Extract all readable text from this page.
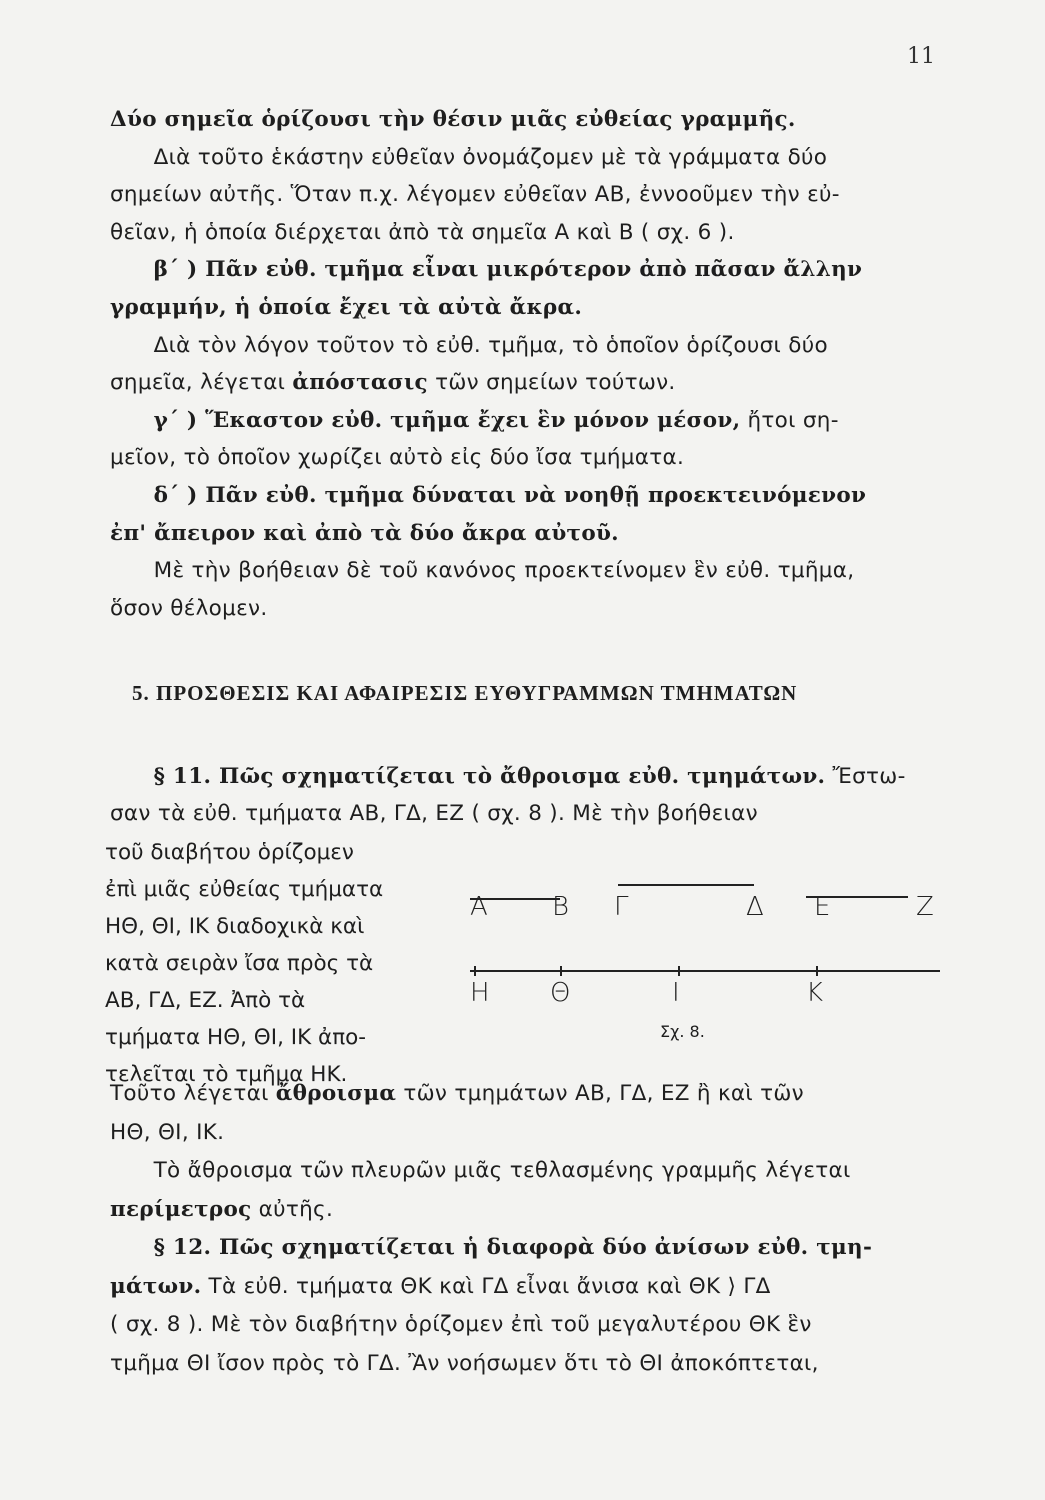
11
Δύο σημεῖα ὁρίζουσι τὴν θέσιν μιᾶς εὐθείας γραμμῆς.
  Διὰ τοῦτο ἑκάστην εὐθεῖαν ὀνομάζομεν μὲ τὰ γράμματα δύο
σημείων αὐτῆς. Ὅταν π.χ. λέγομεν εὐθεῖαν ΑΒ, ἐννοοῦμεν τὴν εὐ-
θεῖαν, ἡ ὁποία διέρχεται ἀπὸ τὰ σημεῖα Α καὶ Β ( σχ. 6 ).
  β΄ ) Πᾶν εὐθ. τμῆμα εἶναι μικρότερον ἀπὸ πᾶσαν ἄλλην
γραμμήν, ἡ ὁποία ἔχει τὰ αὐτὰ ἄκρα.
  Διὰ τὸν λόγον τοῦτον τὸ εὐθ. τμῆμα, τὸ ὁποῖον ὁρίζουσι δύο
σημεῖα, λέγεται ἀπόστασις τῶν σημείων τούτων.
  γ΄ ) Ἕκαστον εὐθ. τμῆμα ἔχει ἓν μόνον μέσον, ἤτοι ση-
μεῖον, τὸ ὁποῖον χωρίζει αὐτὸ εἰς δύο ἴσα τμήματα.
  δ΄ ) Πᾶν εὐθ. τμῆμα δύναται νὰ νοηθῇ προεκτεινόμενον
ἐπ' ἄπειρον καὶ ἀπὸ τὰ δύο ἄκρα αὐτοῦ.
  Μὲ τὴν βοήθειαν δὲ τοῦ κανόνος προεκτείνομεν ἓν εὐθ. τμῆμα,
ὅσον θέλομεν.
5. ΠΡΟΣΘΕΣΙΣ ΚΑΙ ΑΦΑΙΡΕΣΙΣ ΕΥΘΥΓΡΑΜΜΩΝ ΤΜΗΜΑΤΩΝ
  § 11. Πῶς σχηματίζεται τὸ ἄθροισμα εὐθ. τμημάτων. Ἔστω-
σαν τὰ εὐθ. τμήματα ΑΒ, ΓΔ, ΕΖ ( σχ. 8 ). Μὲ τὴν βοήθειαν
τοῦ διαβήτου ὁρίζομεν
ἐπὶ μιᾶς εὐθείας τμήματα
ΗΘ, ΘΙ, ΙΚ διαδοχικὰ καὶ
κατὰ σειρὰν ἴσα πρὸς τὰ
ΑΒ, ΓΔ, ΕΖ. Ἀπὸ τὰ
τμήματα ΗΘ, ΘΙ, ΙΚ ἀπο-
τελεῖται τὸ τμῆμα ΗΚ.
Α Β Γ	Δ Ε	Ζ
Η Θ	Ι	Κ
Σχ. 8.
Τοῦτο λέγεται ἄθροισμα τῶν τμημάτων ΑΒ, ΓΔ, ΕΖ ἢ καὶ τῶν
ΗΘ, ΘΙ, ΙΚ.
  Τὸ ἄθροισμα τῶν πλευρῶν μιᾶς τεθλασμένης γραμμῆς λέγεται
περίμετρος αὐτῆς.
  § 12. Πῶς σχηματίζεται ἡ διαφορὰ δύο ἀνίσων εὐθ. τμη-
μάτων. Τὰ εὐθ. τμήματα ΘΚ καὶ ΓΔ εἶναι ἄνισα καὶ ΘΚ ⟩ ΓΔ
( σχ. 8 ). Μὲ τὸν διαβήτην ὁρίζομεν ἐπὶ τοῦ μεγαλυτέρου ΘΚ ἓν
τμῆμα ΘΙ ἴσον πρὸς τὸ ΓΔ. Ἂν νοήσωμεν ὅτι τὸ ΘΙ ἀποκόπτεται,
